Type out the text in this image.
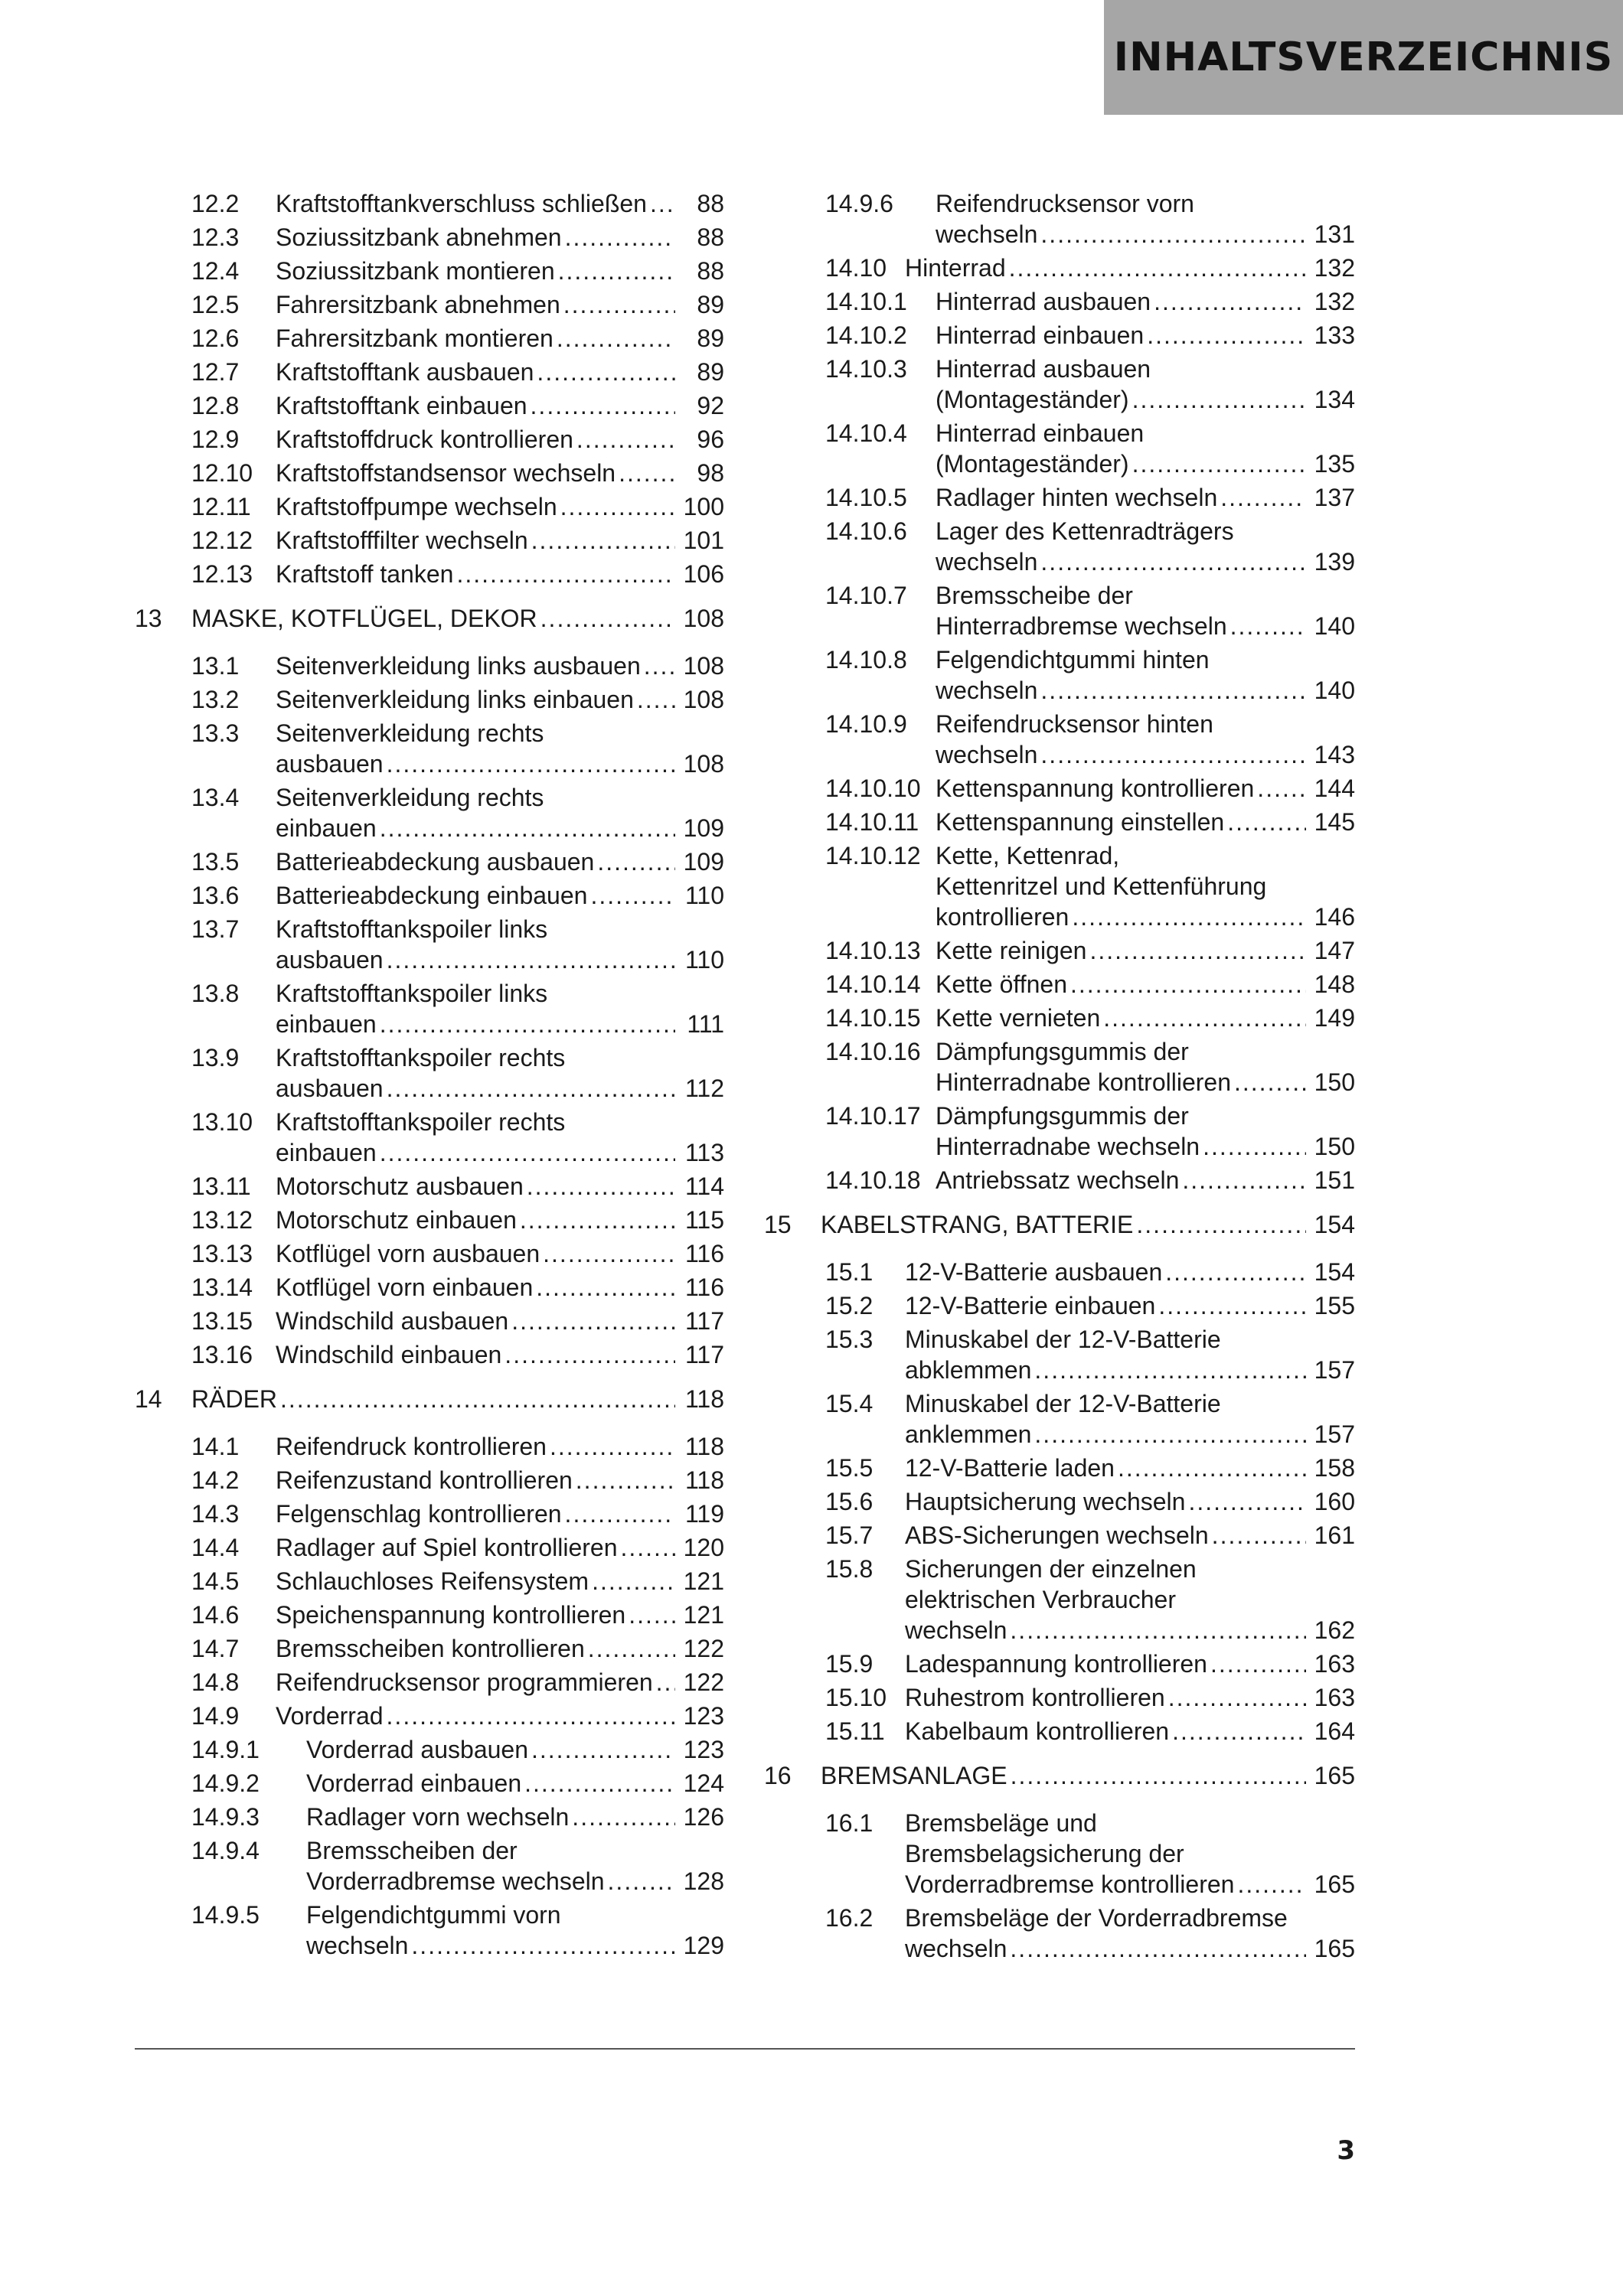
INHALTSVERZEICHNIS
12.2 Kraftstofftankverschluss schließen .....	88
12.3 Soziussitzbank abnehmen .....	88
12.4 Soziussitzbank montieren .....	88
12.5 Fahrersitzbank abnehmen .....	89
12.6 Fahrersitzbank montieren .....	89
12.7 Kraftstofftank ausbauen .....	89
12.8 Kraftstofftank einbauen .....	92
12.9 Kraftstoffdruck kontrollieren .....	96
12.10 Kraftstoffstandsensor wechseln .....	98
12.11 Kraftstoffpumpe wechseln .....	100
12.12 Kraftstofffilter wechseln .....	101
12.13 Kraftstoff tanken .....	106
13 MASKE, KOTFLÜGEL, DEKOR .....	108
13.1 Seitenverkleidung links ausbauen ..... 108
13.2 Seitenverkleidung links einbauen ..... 108
13.3 Seitenverkleidung rechts
ausbauen .....	108
13.4 Seitenverkleidung rechts
einbauen .....	109
13.5 Batterieabdeckung ausbauen .....	109
13.6 Batterieabdeckung einbauen .....	110
13.7 Kraftstofftankspoiler links
ausbauen .....	110
13.8 Kraftstofftankspoiler links
einbauen .....	111
13.9 Kraftstofftankspoiler rechts
ausbauen .....	112
13.10 Kraftstofftankspoiler rechts
einbauen .....	113
13.11 Motorschutz ausbauen .....	114
13.12 Motorschutz einbauen .....	115
13.13 Kotflügel vorn ausbauen .....	116
13.14 Kotflügel vorn einbauen .....	116
13.15 Windschild ausbauen .....	117
13.16 Windschild einbauen .....	117
14 RÄDER .....	118
14.1 Reifendruck kontrollieren .....	118
14.2 Reifenzustand kontrollieren .....	118
14.3 Felgenschlag kontrollieren .....	119
14.4 Radlager auf Spiel kontrollieren .....	120
14.5 Schlauchloses Reifensystem .....	121
14.6 Speichenspannung kontrollieren ..... 121
14.7 Bremsscheiben kontrollieren .....	122
14.8 Reifendrucksensor programmieren ..... 122
14.9 Vorderrad .....	123
14.9.1 Vorderrad ausbauen .....	123
14.9.2 Vorderrad einbauen .....	124
14.9.3 Radlager vorn wechseln .....	126
14.9.4 Bremsscheiben der
Vorderradbremse wechseln .....	128
14.9.5 Felgendichtgummi vorn
wechseln .....	129
14.9.6 Reifendrucksensor vorn
wechseln .....	131
14.10 Hinterrad .....	132
14.10.1 Hinterrad ausbauen .....	132
14.10.2 Hinterrad einbauen .....	133
14.10.3 Hinterrad ausbauen
(Montageständer) .....	134
14.10.4 Hinterrad einbauen
(Montageständer) .....	135
14.10.5 Radlager hinten wechseln .....	137
14.10.6 Lager des Kettenradträgers
wechseln .....	139
14.10.7 Bremsscheibe der
Hinterradbremse wechseln .....	140
14.10.8 Felgendichtgummi hinten
wechseln .....	140
14.10.9 Reifendrucksensor hinten
wechseln .....	143
14.10.10 Kettenspannung kontrollieren ..... 144
14.10.11 Kettenspannung einstellen .....	145
14.10.12 Kette, Kettenrad,
Kettenritzel und Kettenführung
kontrollieren .....	146
14.10.13 Kette reinigen .....	147
14.10.14 Kette öffnen .....	148
14.10.15 Kette vernieten .....	149
14.10.16 Dämpfungsgummis der
Hinterradnabe kontrollieren .....	150
14.10.17 Dämpfungsgummis der
Hinterradnabe wechseln .....	150
14.10.18 Antriebssatz wechseln .....	151
15 KABELSTRANG, BATTERIE .....	154
15.1 12-V-Batterie ausbauen .....	154
15.2 12-V-Batterie einbauen .....	155
15.3 Minuskabel der 12-V-Batterie
abklemmen .....	157
15.4 Minuskabel der 12-V-Batterie
anklemmen .....	157
15.5 12-V-Batterie laden .....	158
15.6 Hauptsicherung wechseln .....	160
15.7 ABS-Sicherungen wechseln .....	161
15.8 Sicherungen der einzelnen
elektrischen Verbraucher
wechseln .....	162
15.9 Ladespannung kontrollieren .....	163
15.10 Ruhestrom kontrollieren .....	163
15.11 Kabelbaum kontrollieren .....	164
16 BREMSANLAGE .....	165
16.1 Bremsbeläge und
Bremsbelagsicherung der
Vorderradbremse kontrollieren .....	165
16.2 Bremsbeläge der Vorderradbremse
wechseln .....	165
3
